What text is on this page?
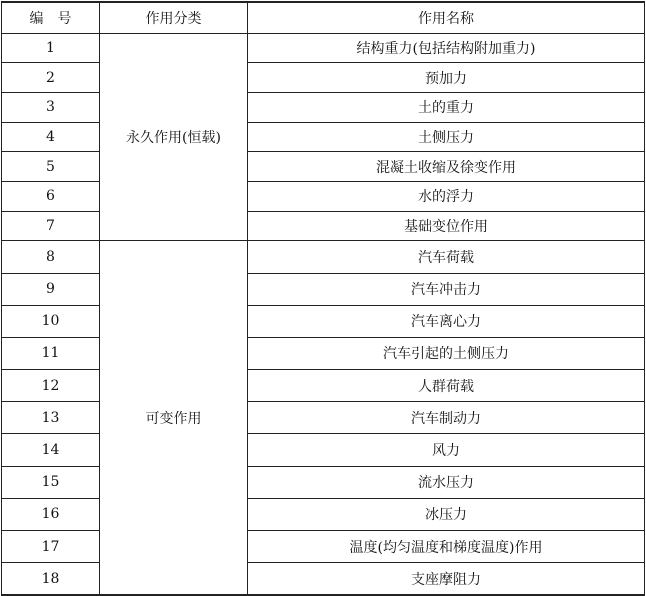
编　号	作用分类	作用名称
1	永久作用(恒载)	结构重力(包括结构附加重力)
2		预加力
3		土的重力
4		土侧压力
5		混凝土收缩及徐变作用
6		水的浮力
7		基础变位作用
8	可变作用	汽车荷载
9		汽车冲击力
10		汽车离心力
11		汽车引起的土侧压力
12		人群荷载
13		汽车制动力
14		风力
15		流水压力
16		冰压力
17		温度(均匀温度和梯度温度)作用
18		支座摩阻力
